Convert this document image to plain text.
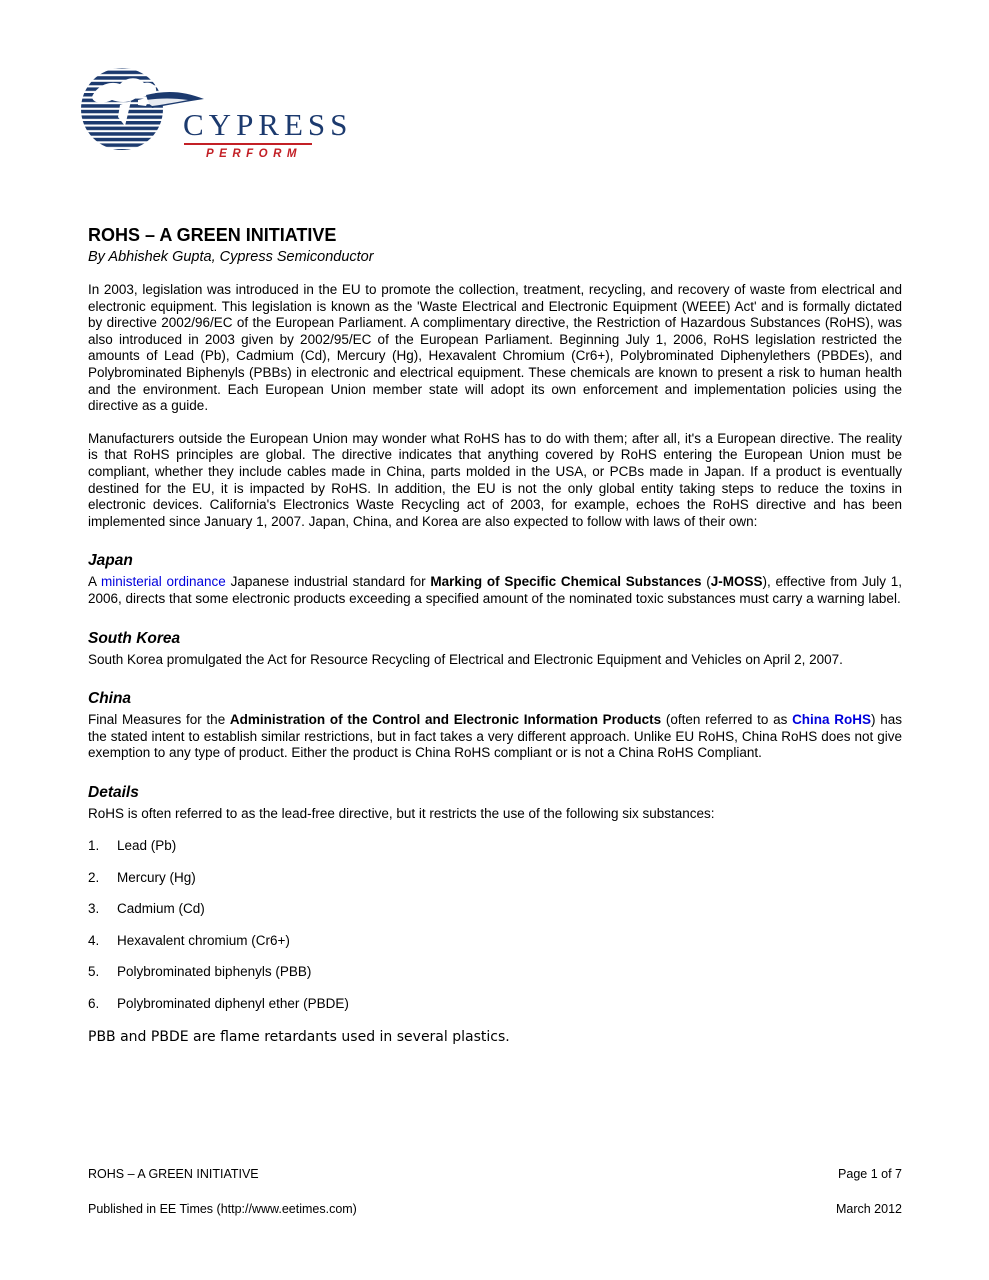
CYPRESS
PERFORM
ROHS – A GREEN INITIATIVE

By Abhishek Gupta, Cypress Semiconductor

In 2003, legislation was introduced in the EU to promote the collection, treatment, recycling, and recovery of waste from electrical and electronic equipment. This legislation is known as the 'Waste Electrical and Electronic Equipment (WEEE) Act' and is formally dictated by directive 2002/96/EC of the European Parliament. A complimentary directive, the Restriction of Hazardous Substances (RoHS), was also introduced in 2003 given by 2002/95/EC of the European Parliament. Beginning July 1, 2006, RoHS legislation restricted the amounts of Lead (Pb), Cadmium (Cd), Mercury (Hg), Hexavalent Chromium (Cr6+), Polybrominated Diphenylethers (PBDEs), and Polybrominated Biphenyls (PBBs) in electronic and electrical equipment. These chemicals are known to present a risk to human health and the environment. Each European Union member state will adopt its own enforcement and implementation policies using the directive as a guide.

Manufacturers outside the European Union may wonder what RoHS has to do with them; after all, it's a European directive. The reality is that RoHS principles are global. The directive indicates that anything covered by RoHS entering the European Union must be compliant, whether they include cables made in China, parts molded in the USA, or PCBs made in Japan. If a product is eventually destined for the EU, it is impacted by RoHS. In addition, the EU is not the only global entity taking steps to reduce the toxins in electronic devices. California's Electronics Waste Recycling act of 2003, for example, echoes the RoHS directive and has been implemented since January 1, 2007. Japan, China, and Korea are also expected to follow with laws of their own:

Japan

A ministerial ordinance Japanese industrial standard for Marking of Specific Chemical Substances (J-MOSS), effective from July 1, 2006, directs that some electronic products exceeding a specified amount of the nominated toxic substances must carry a warning label.

South Korea

South Korea promulgated the Act for Resource Recycling of Electrical and Electronic Equipment and Vehicles on April 2, 2007.

China

Final Measures for the Administration of the Control and Electronic Information Products (often referred to as China RoHS) has the stated intent to establish similar restrictions, but in fact takes a very different approach. Unlike EU RoHS, China RoHS does not give exemption to any type of product. Either the product is China RoHS compliant or is not a China RoHS Compliant.

Details

RoHS is often referred to as the lead-free directive, but it restricts the use of the following six substances:

1. Lead (Pb)
2. Mercury (Hg)
3. Cadmium (Cd)
4. Hexavalent chromium (Cr6+)
5. Polybrominated biphenyls (PBB)
6. Polybrominated diphenyl ether (PBDE)

PBB and PBDE are flame retardants used in several plastics.

ROHS – A GREEN INITIATIVE	Page 1 of 7
Published in EE Times (http://www.eetimes.com)	March 2012
